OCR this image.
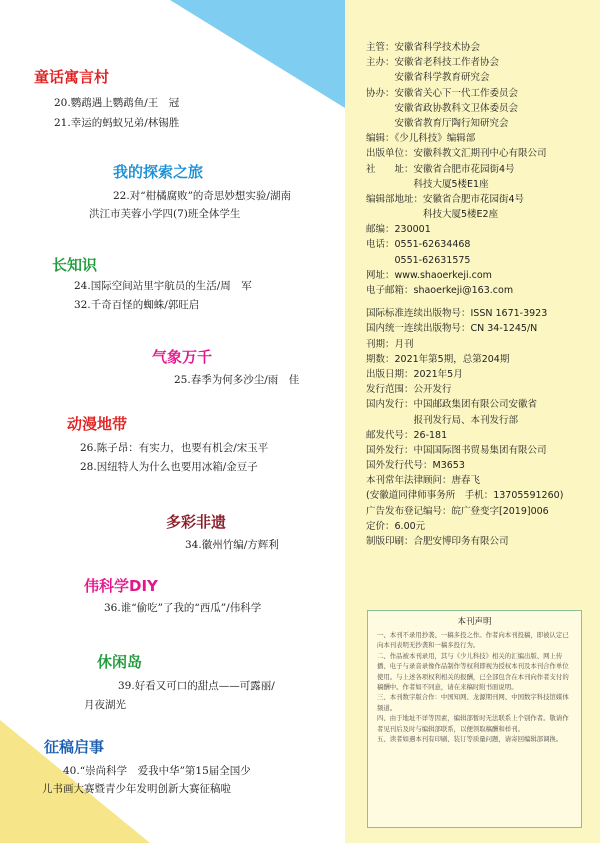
童话寓言村
20.鹦鹉遇上鹦鹉鱼/王　冠
21.幸运的蚂蚁兄弟/林锡胜
我的探索之旅
22.对“柑橘腐败”的奇思妙想实验/湖南
洪江市芙蓉小学四(7)班全体学生
长知识
24.国际空间站里宇航员的生活/周　军
32.千奇百怪的蜘蛛/郭旺启
气象万千
25.春季为何多沙尘/雨　佳
动漫地带
26.陈子昂：有实力，也要有机会/宋玉平
28.因纽特人为什么也要用冰箱/金豆子
多彩非遗
34.徽州竹编/方辉利
伟科学DIY
36.谁“偷吃”了我的“西瓜”/伟科学
休闲岛
39.好看又可口的甜点——可露丽/
月夜湖光
征稿启事
40.“崇尚科学　爱我中华”第15届全国少
儿书画大赛暨青少年发明创新大赛征稿啦
主管：安徽省科学技术协会
主办：安徽省老科技工作者协会
　　　安徽省科学教育研究会
协办：安徽省关心下一代工作委员会
　　　安徽省政协教科文卫体委员会
　　　安徽省教育厅陶行知研究会
编辑：《少儿科技》编辑部
出版单位：安徽科教文汇期刊中心有限公司
社　　址：安徽省合肥市花园街4号
　　　　　科技大厦5楼E1座
编辑部地址：安徽省合肥市花园街4号
　　　　　　科技大厦5楼E2座
邮编：230001
电话：0551-62634468
　　　0551-62631575
网址：www.shaoerkeji.com
电子邮箱：shaoerkeji@163.com
国际标准连续出版物号：ISSN 1671-3923
国内统一连续出版物号：CN 34-1245/N
刊期：月刊
期数：2021年第5期，总第204期
出版日期：2021年5月
发行范围：公开发行
国内发行：中国邮政集团有限公司安徽省
　　　　　报刊发行局、本刊发行部
邮发代号：26-181
国外发行：中国国际图书贸易集团有限公司
国外发行代号：M3653
本刊常年法律顾问：唐春飞
(安徽道同律师事务所　手机：13705591260)
广告发布登记编号：皖广登变字[2019]006
定价：6.00元
制版印刷：合肥安博印务有限公司
本刊声明
一、本刊不录用抄袭、一稿多投之作。作者向本刊投稿，即被认定已向本刊表明无抄袭和一稿多投行为。
二、作品被本刊录用，其与《少儿科技》相关的汇编出版、网上传播、电子与录音录像作品制作等权利即视为授权本刊及本刊合作单位使用。与上述各项权利相关的报酬，已全部包含在本刊向作者支付的稿酬中。作者如不同意，请在来稿时附书面说明。
三、本刊数字版合作：中国知网、龙源期刊网、中国数字科技馆媒体频道。
四、由于地址不详等因素，编辑部暂时无法联系上个别作者。敬请作者见刊后及时与编辑部联系，以便领取稿酬和样刊。
五、读者如遇本刊有印刷、装订等质量问题，请寄回编辑部调换。
